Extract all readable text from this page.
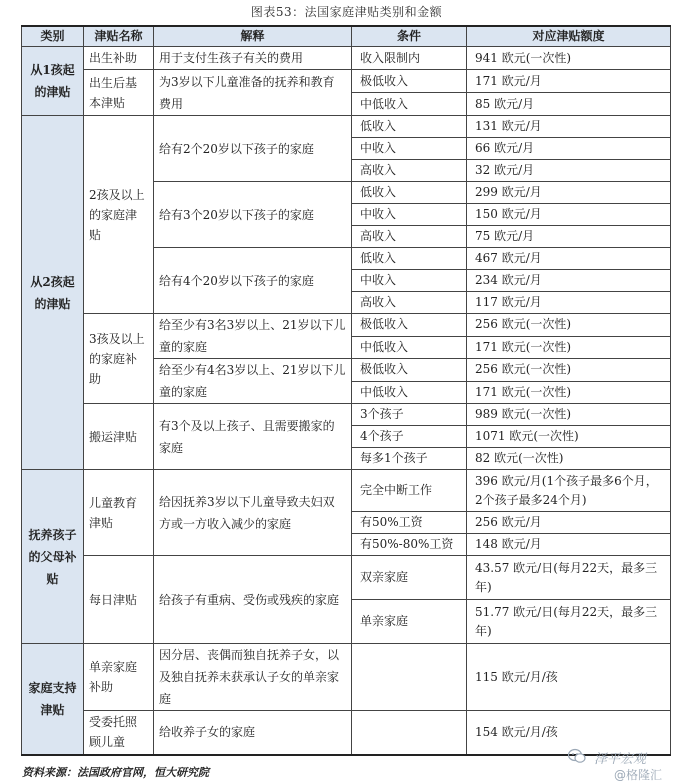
图表53：法国家庭津贴类别和金额
类别	津贴名称	解释	条件	对应津贴额度
从1孩起的津贴	出生补助	用于支付生孩子有关的费用	收入限制内	941 欧元(一次性)
	出生后基本津贴	为3岁以下儿童准备的抚养和教育费用	极低收入	171 欧元/月
			中低收入	85 欧元/月
从2孩起的津贴	2孩及以上的家庭津贴	给有2个20岁以下孩子的家庭	低收入	131 欧元/月
			中收入	66 欧元/月
			高收入	32 欧元/月
		给有3个20岁以下孩子的家庭	低收入	299 欧元/月
			中收入	150 欧元/月
			高收入	75 欧元/月
		给有4个20岁以下孩子的家庭	低收入	467 欧元/月
			中收入	234 欧元/月
			高收入	117 欧元/月
	3孩及以上的家庭补助	给至少有3名3岁以上、21岁以下儿童的家庭	极低收入	256 欧元(一次性)
			中低收入	171 欧元(一次性)
		给至少有4名3岁以上、21岁以下儿童的家庭	极低收入	256 欧元(一次性)
			中低收入	171 欧元(一次性)
	搬运津贴	有3个及以上孩子、且需要搬家的家庭	3个孩子	989 欧元(一次性)
			4个孩子	1071 欧元(一次性)
			每多1个孩子	82 欧元(一次性)
抚养孩子的父母补贴	儿童教育津贴	给因抚养3岁以下儿童导致夫妇双方或一方收入减少的家庭	完全中断工作	396 欧元/月(1个孩子最多6个月，2个孩子最多24个月)
			有50%工资	256 欧元/月
			有50%-80%工资	148 欧元/月
	每日津贴	给孩子有重病、受伤或残疾的家庭	双亲家庭	43.57 欧元/日(每月22天，最多三年)
			单亲家庭	51.77 欧元/日(每月22天，最多三年)
家庭支持津贴	单亲家庭补助	因分居、丧偶而独自抚养子女，以及独自抚养未获承认子女的单亲家庭		115 欧元/月/孩
	受委托照顾儿童	给收养子女的家庭		154 欧元/月/孩
资料来源：法国政府官网，恒大研究院
泽平宏观
@格隆汇
